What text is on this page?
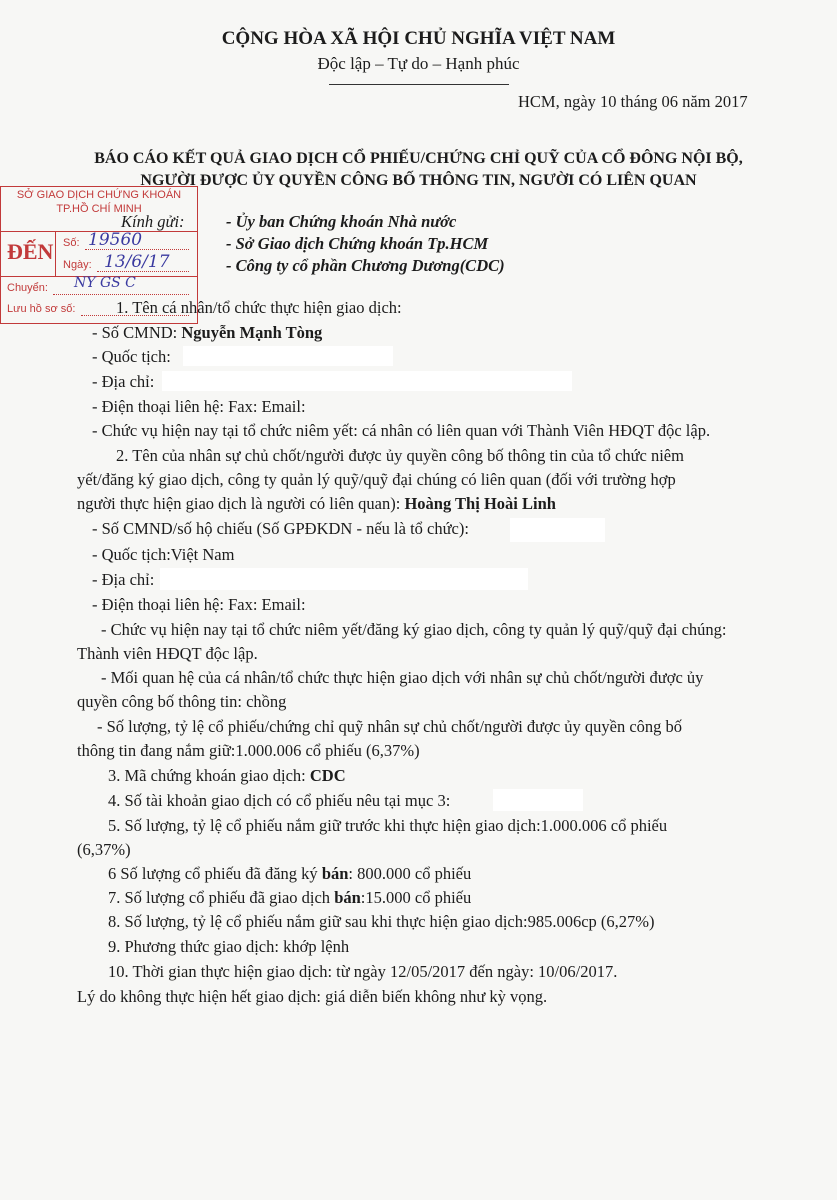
CỘNG HÒA XÃ HỘI CHỦ NGHĨA VIỆT NAM
Độc lập – Tự do – Hạnh phúc
HCM, ngày 10 tháng 06 năm 2017
BÁO CÁO KẾT QUẢ GIAO DỊCH CỔ PHIẾU/CHỨNG CHỈ QUỸ CỦA CỔ ĐÔNG NỘI BỘ,
NGƯỜI ĐƯỢC ỦY QUYỀN CÔNG BỐ THÔNG TIN, NGƯỜI CÓ LIÊN QUAN
Kính gửi:	- Ủy ban Chứng khoán Nhà nước
- Sở Giao dịch Chứng khoán Tp.HCM
- Công ty cổ phần Chương Dương(CDC)
SỞ GIAO DỊCH CHỨNG KHOÁN
TP.HỒ CHÍ MINH
ĐẾN Số:
Ngày:
Chuyển:
Lưu hồ sơ số:
19560
13/6/17
NY GS C
1. Tên cá nhân/tổ chức thực hiện giao dịch:
- Số CMND: Nguyễn Mạnh Tòng
- Quốc tịch:
- Địa chỉ:
- Điện thoại liên hệ: Fax: Email:
- Chức vụ hiện nay tại tổ chức niêm yết: cá nhân có liên quan với Thành Viên HĐQT độc lập.
2. Tên của nhân sự chủ chốt/người được ủy quyền công bố thông tin của tổ chức niêm
yết/đăng ký giao dịch, công ty quản lý quỹ/quỹ đại chúng có liên quan (đối với trường hợp
người thực hiện giao dịch là người có liên quan): Hoàng Thị Hoài Linh
- Số CMND/số hộ chiếu (Số GPĐKDN - nếu là tổ chức):
- Quốc tịch:Việt Nam
- Địa chỉ:
- Điện thoại liên hệ: Fax: Email:
- Chức vụ hiện nay tại tổ chức niêm yết/đăng ký giao dịch, công ty quản lý quỹ/quỹ đại chúng:
Thành viên HĐQT độc lập.
- Mối quan hệ của cá nhân/tổ chức thực hiện giao dịch với nhân sự chủ chốt/người được ủy
quyền công bố thông tin: chồng
- Số lượng, tỷ lệ cổ phiếu/chứng chỉ quỹ nhân sự chủ chốt/người được ủy quyền công bố
thông tin đang nắm giữ:1.000.006 cổ phiếu (6,37%)
3. Mã chứng khoán giao dịch: CDC
4. Số tài khoản giao dịch có cổ phiếu nêu tại mục 3:
5. Số lượng, tỷ lệ cổ phiếu nắm giữ trước khi thực hiện giao dịch:1.000.006 cổ phiếu
(6,37%)
6 Số lượng cổ phiếu đã đăng ký bán: 800.000 cổ phiếu
7. Số lượng cổ phiếu đã giao dịch bán:15.000 cổ phiếu
8. Số lượng, tỷ lệ cổ phiếu nắm giữ sau khi thực hiện giao dịch:985.006cp (6,27%)
9. Phương thức giao dịch: khớp lệnh
10. Thời gian thực hiện giao dịch: từ ngày 12/05/2017 đến ngày: 10/06/2017.
Lý do không thực hiện hết giao dịch: giá diễn biến không như kỳ vọng.
